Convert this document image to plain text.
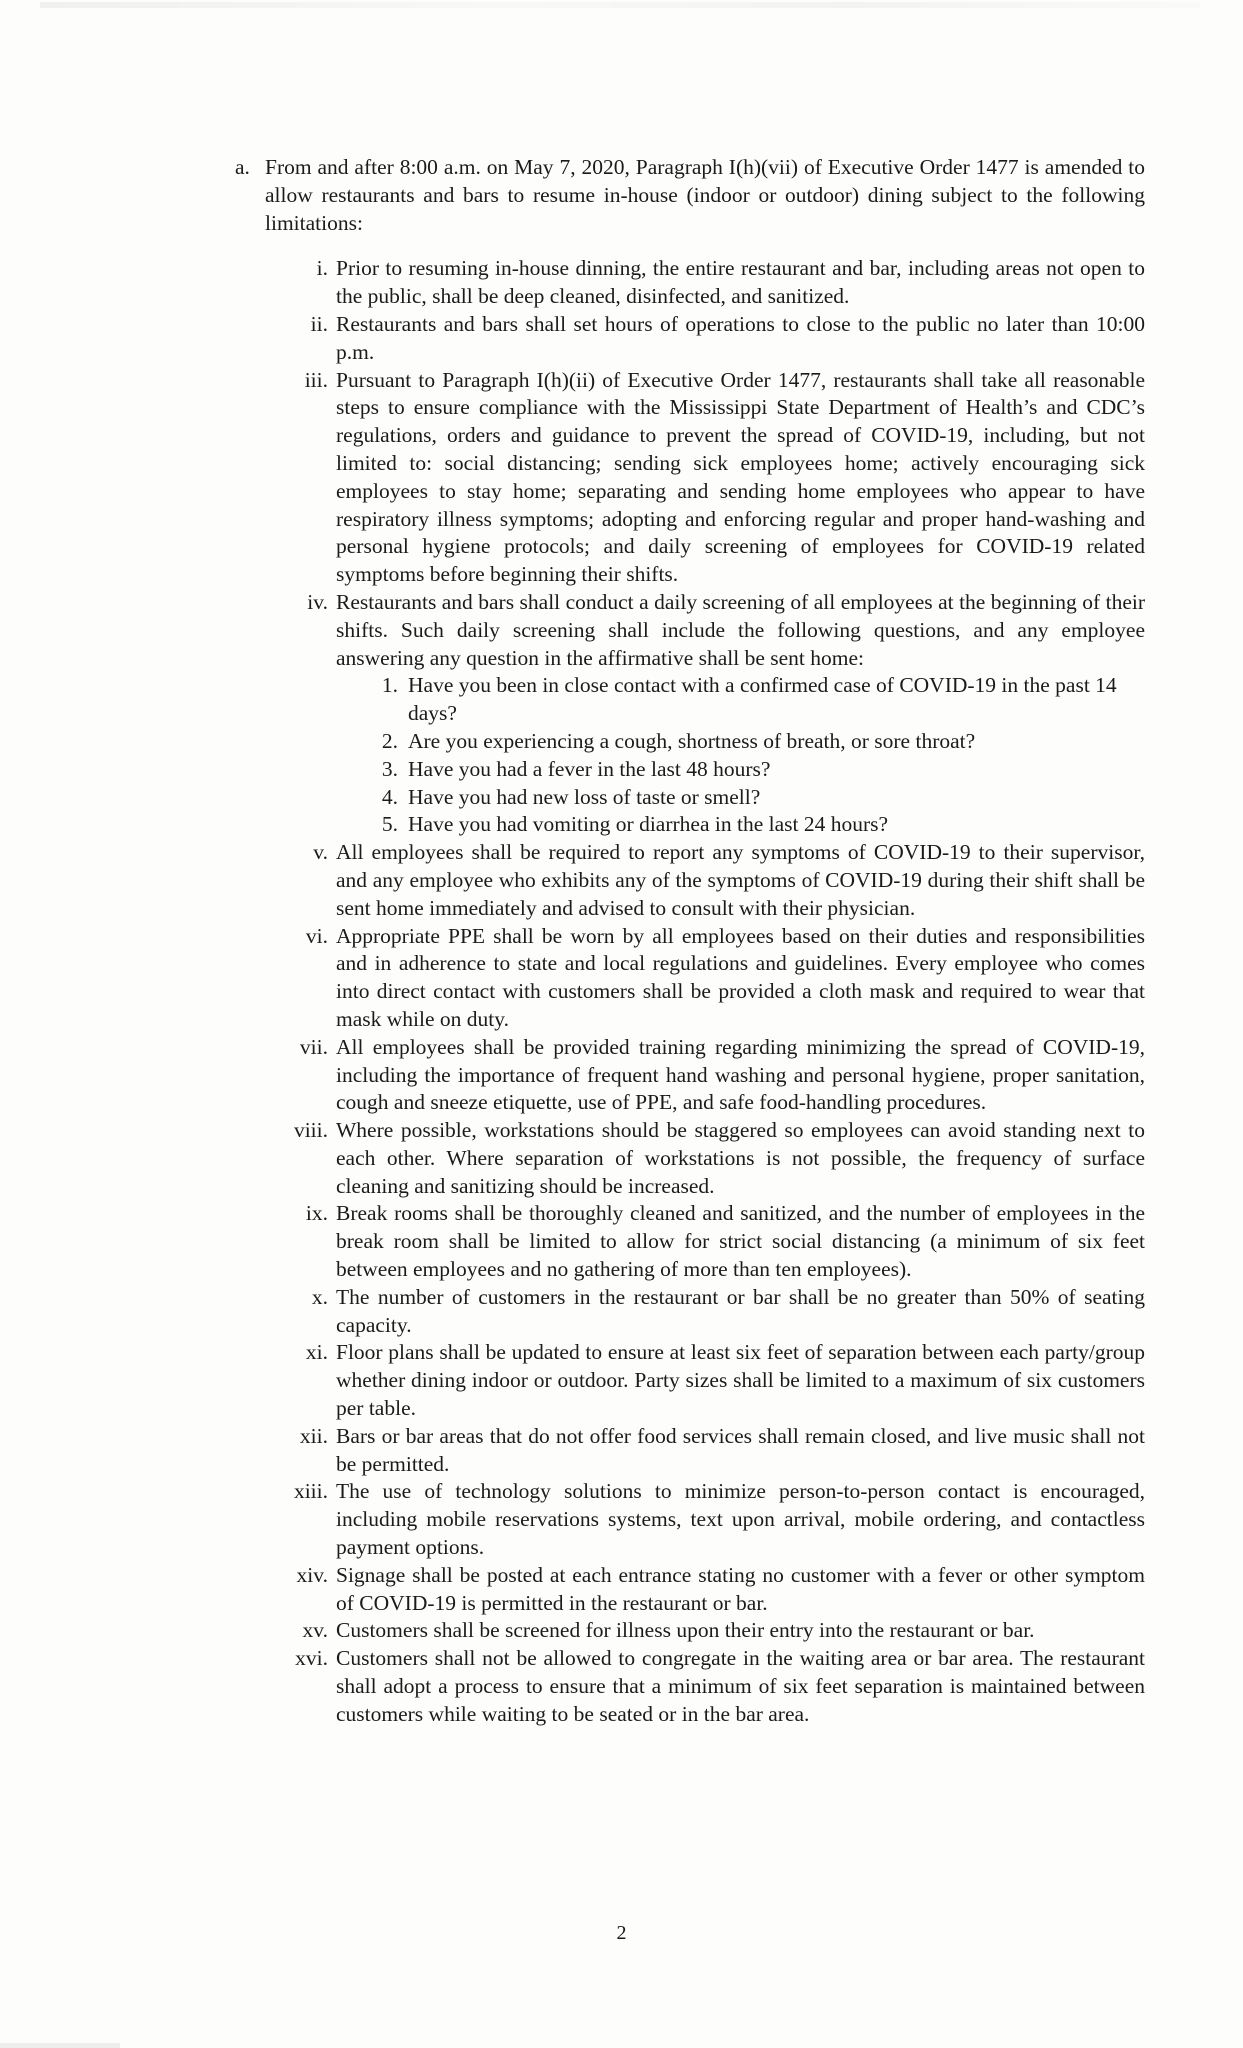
a. From and after 8:00 a.m. on May 7, 2020, Paragraph I(h)(vii) of Executive Order 1477 is amended to allow restaurants and bars to resume in-house (indoor or outdoor) dining subject to the following limitations:

i. Prior to resuming in-house dinning, the entire restaurant and bar, including areas not open to the public, shall be deep cleaned, disinfected, and sanitized.
ii. Restaurants and bars shall set hours of operations to close to the public no later than 10:00 p.m.
iii. Pursuant to Paragraph I(h)(ii) of Executive Order 1477, restaurants shall take all reasonable steps to ensure compliance with the Mississippi State Department of Health’s and CDC’s regulations, orders and guidance to prevent the spread of COVID-19, including, but not limited to: social distancing; sending sick employees home; actively encouraging sick employees to stay home; separating and sending home employees who appear to have respiratory illness symptoms; adopting and enforcing regular and proper hand-washing and personal hygiene protocols; and daily screening of employees for COVID-19 related symptoms before beginning their shifts.
iv. Restaurants and bars shall conduct a daily screening of all employees at the beginning of their shifts. Such daily screening shall include the following questions, and any employee answering any question in the affirmative shall be sent home:
1. Have you been in close contact with a confirmed case of COVID-19 in the past 14 days?
2. Are you experiencing a cough, shortness of breath, or sore throat?
3. Have you had a fever in the last 48 hours?
4. Have you had new loss of taste or smell?
5. Have you had vomiting or diarrhea in the last 24 hours?
v. All employees shall be required to report any symptoms of COVID-19 to their supervisor, and any employee who exhibits any of the symptoms of COVID-19 during their shift shall be sent home immediately and advised to consult with their physician.
vi. Appropriate PPE shall be worn by all employees based on their duties and responsibilities and in adherence to state and local regulations and guidelines. Every employee who comes into direct contact with customers shall be provided a cloth mask and required to wear that mask while on duty.
vii. All employees shall be provided training regarding minimizing the spread of COVID-19, including the importance of frequent hand washing and personal hygiene, proper sanitation, cough and sneeze etiquette, use of PPE, and safe food-handling procedures.
viii. Where possible, workstations should be staggered so employees can avoid standing next to each other. Where separation of workstations is not possible, the frequency of surface cleaning and sanitizing should be increased.
ix. Break rooms shall be thoroughly cleaned and sanitized, and the number of employees in the break room shall be limited to allow for strict social distancing (a minimum of six feet between employees and no gathering of more than ten employees).
x. The number of customers in the restaurant or bar shall be no greater than 50% of seating capacity.
xi. Floor plans shall be updated to ensure at least six feet of separation between each party/group whether dining indoor or outdoor. Party sizes shall be limited to a maximum of six customers per table.
xii. Bars or bar areas that do not offer food services shall remain closed, and live music shall not be permitted.
xiii. The use of technology solutions to minimize person-to-person contact is encouraged, including mobile reservations systems, text upon arrival, mobile ordering, and contactless payment options.
xiv. Signage shall be posted at each entrance stating no customer with a fever or other symptom of COVID-19 is permitted in the restaurant or bar.
xv. Customers shall be screened for illness upon their entry into the restaurant or bar.
xvi. Customers shall not be allowed to congregate in the waiting area or bar area. The restaurant shall adopt a process to ensure that a minimum of six feet separation is maintained between customers while waiting to be seated or in the bar area.
2
